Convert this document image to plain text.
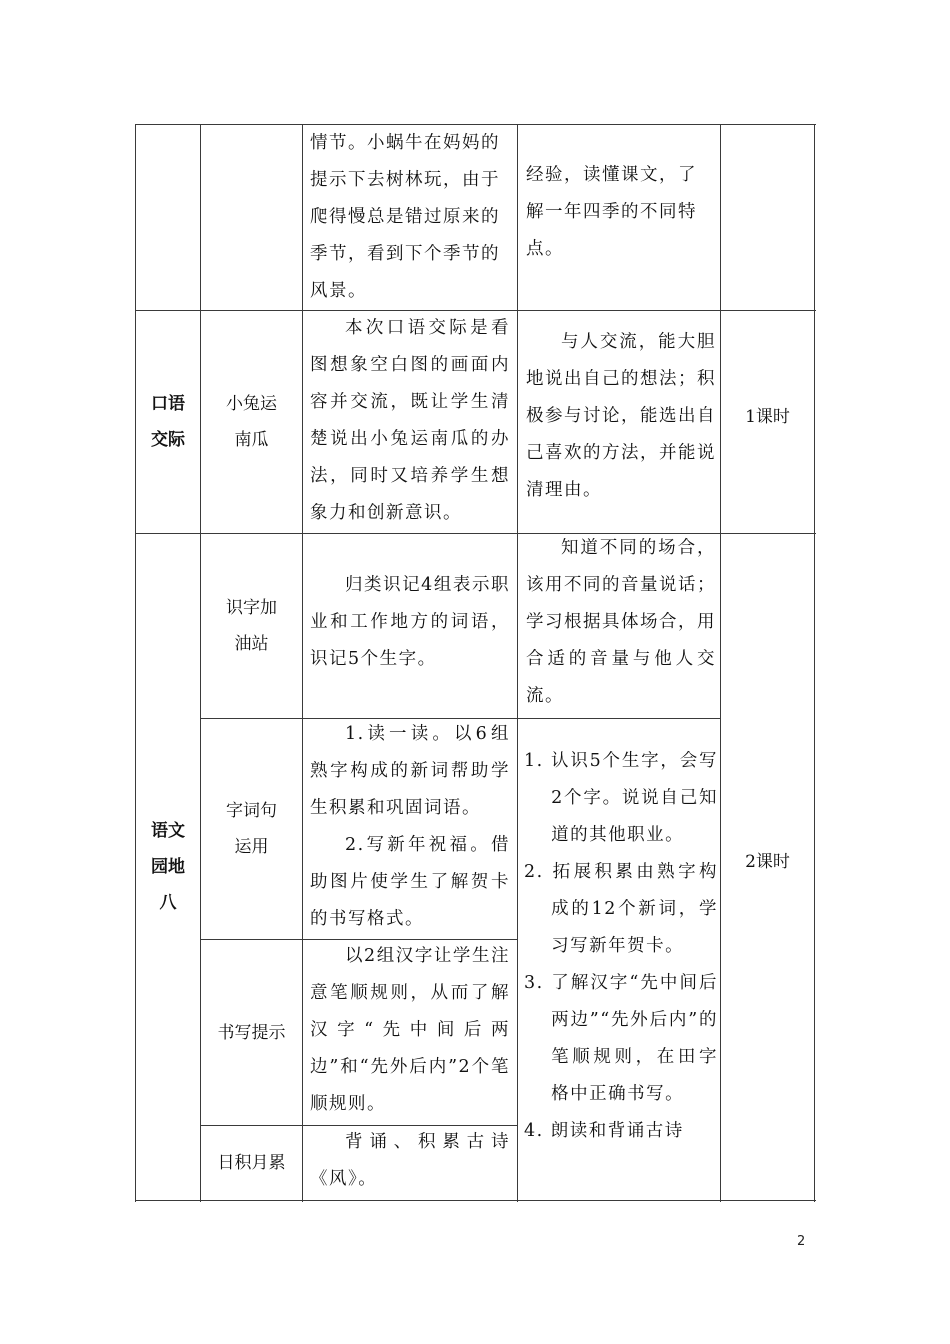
情节。小蜗牛在妈妈的
提示下去树林玩，由于
爬得慢总是错过原来的
季节，看到下个季节的
风景。
经验，读懂课文，了
解一年四季的不同特
点。
口语
交际
小兔运
南瓜
本次口语交际是看图想象空白图的画面内容并交流，既让学生清楚说出小兔运南瓜的办法，同时又培养学生想象力和创新意识。
与人交流，能大胆地说出自己的想法；积极参与讨论，能选出自己喜欢的方法，并能说清理由。
1课时
语文
园地
八
识字加
油站
归类识记4组表示职业和工作地方的词语，识记5个生字。
知道不同的场合，该用不同的音量说话；学习根据具体场合，用合适的音量与他人交流。
字词句
运用
1.读一读。以6组熟字构成的新词帮助学生积累和巩固词语。
2.写新年祝福。借助图片使学生了解贺卡的书写格式。
书写提示
以2组汉字让学生注意笔顺规则，从而了解汉字“先中间后两边”和“先外后内”2个笔顺规则。
日积月累
背诵、积累古诗《风》。
1. 认识5个生字，会写2个字。说说自己知道的其他职业。
2. 拓展积累由熟字构成的12个新词，学习写新年贺卡。
3. 了解汉字“先中间后两边”“先外后内”的笔顺规则，在田字格中正确书写。
4. 朗读和背诵古诗
2课时
2
